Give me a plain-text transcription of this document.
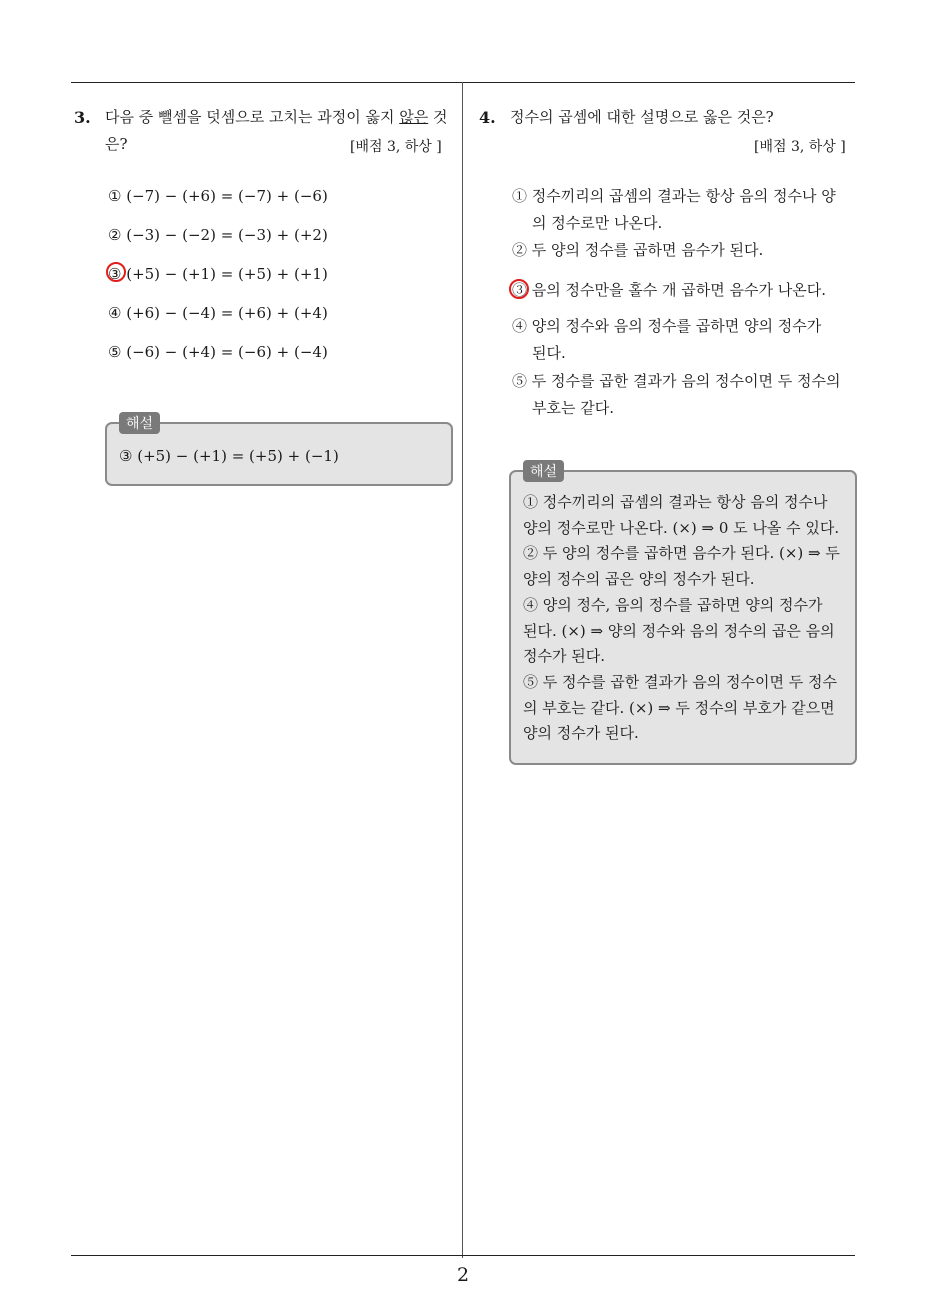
3. 다음 중 뺄셈을 덧셈으로 고치는 과정이 옳지 않은 것
은?	[배점 3, 하상 ]
① (−7) − (+6) = (−7) + (−6)
② (−3) − (−2) = (−3) + (+2)
③ (+5) − (+1) = (+5) + (+1)
④ (+6) − (−4) = (+6) + (+4)
⑤ (−6) − (+4) = (−6) + (−4)
③ (+5) − (+1) = (+5) + (−1)
해설
4. 정수의 곱셈에 대한 설명으로 옳은 것은?
[배점 3, 하상 ]
① 정수끼리의 곱셈의 결과는 항상 음의 정수나 양
의 정수로만 나온다.
② 두 양의 정수를 곱하면 음수가 된다.
③ 음의 정수만을 홀수 개 곱하면 음수가 나온다.
④ 양의 정수와 음의 정수를 곱하면 양의 정수가
된다.
⑤ 두 정수를 곱한 결과가 음의 정수이면 두 정수의
부호는 같다.
① 정수끼리의 곱셈의 결과는 항상 음의 정수나
양의 정수로만 나온다. (×) ⇒ 0 도 나올 수 있다.
② 두 양의 정수를 곱하면 음수가 된다. (×) ⇒ 두
양의 정수의 곱은 양의 정수가 된다.
④ 양의 정수, 음의 정수를 곱하면 양의 정수가
된다. (×) ⇒ 양의 정수와 음의 정수의 곱은 음의
정수가 된다.
⑤ 두 정수를 곱한 결과가 음의 정수이면 두 정수
의 부호는 같다. (×) ⇒ 두 정수의 부호가 같으면
양의 정수가 된다.
해설
2
